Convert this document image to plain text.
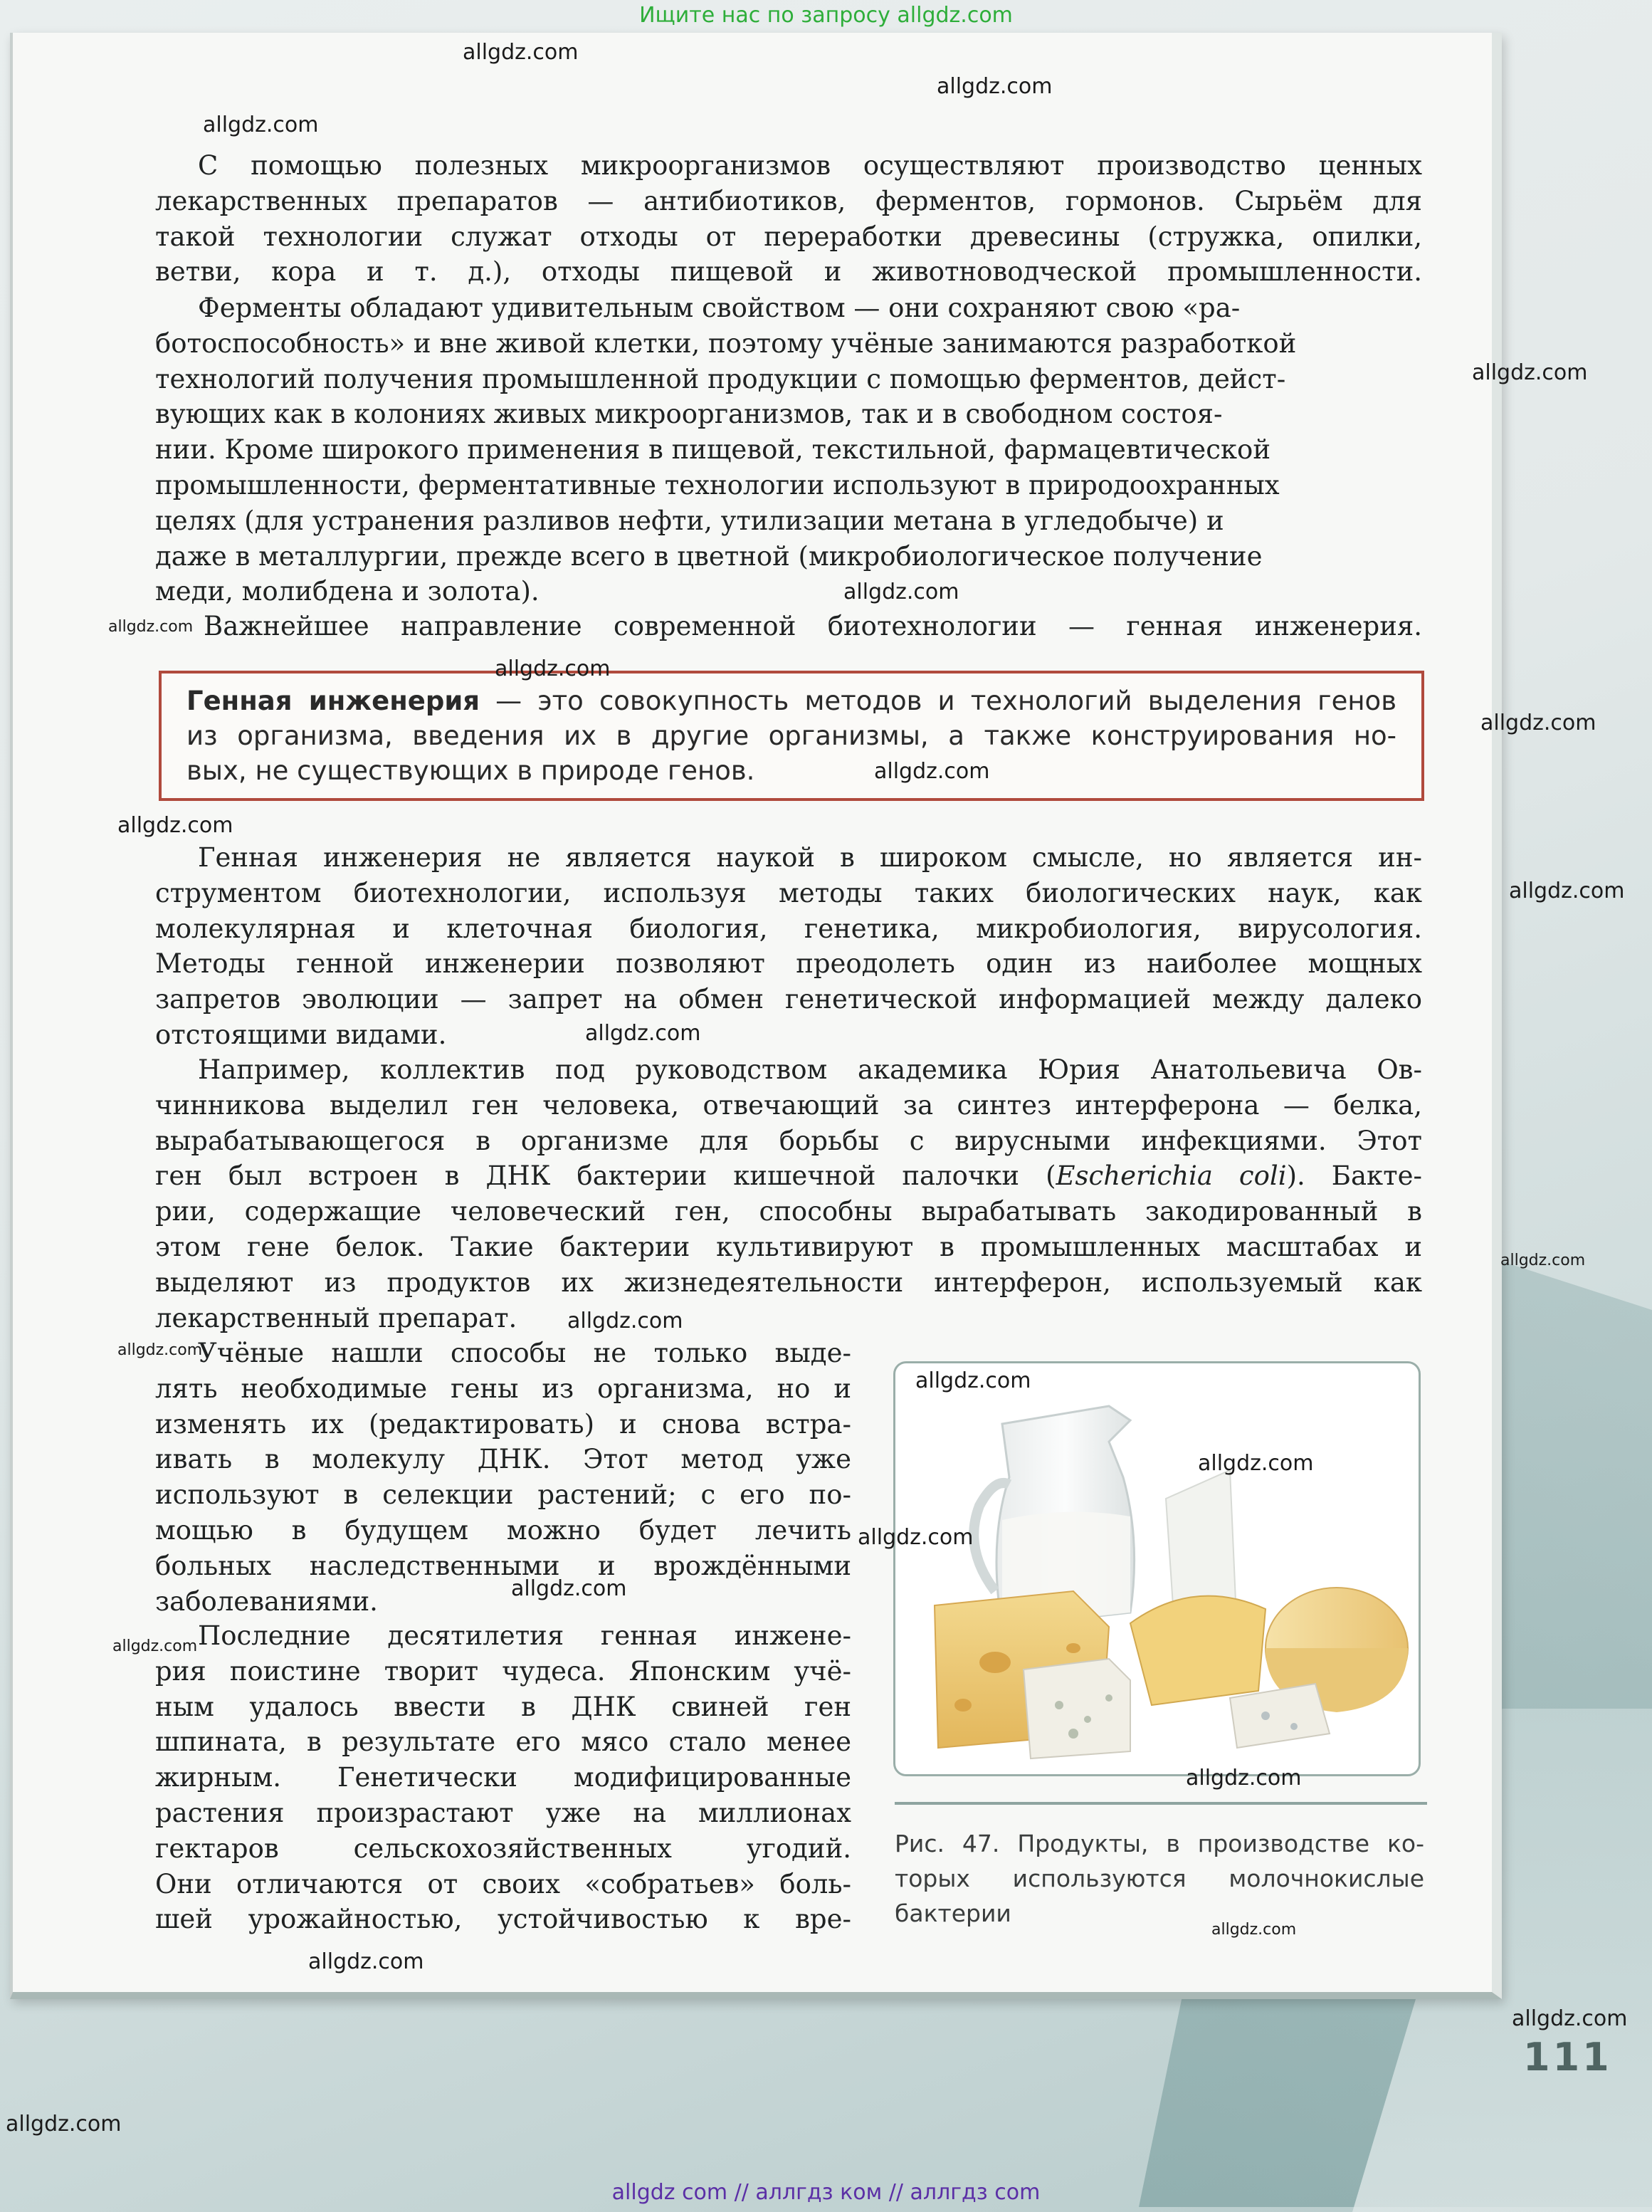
Ищите нас по запросу allgdz.com

С помощью полезных микроорганизмов осуществляют производство ценных

лекарственных препаратов — антибиотиков, ферментов, гормонов. Сырьём для

такой технологии служат отходы от переработки древесины (стружка, опилки,

ветви, кора и т. д.), отходы пищевой и животноводческой промышленности.

Ферменты обладают удивительным свойством — они сохраняют свою «ра-

ботоспособность» и вне живой клетки, поэтому учёные занимаются разработкой

технологий получения промышленной продукции с помощью ферментов, дейст-

вующих как в колониях живых микроорганизмов, так и в свободном состоя-

нии. Кроме широкого применения в пищевой, текстильной, фармацевтической

промышленности, ферментативные технологии используют в природоохранных

целях (для устранения разливов нефти, утилизации метана в угледобыче) и

даже в металлургии, прежде всего в цветной (микробиологическое получение

меди, молибдена и золота).

Важнейшее направление современной биотехнологии — генная инженерия.

Генная инженерия — это совокупность методов и технологий выделения генов

из организма, введения их в другие организмы, а также конструирования но-

вых, не существующих в природе генов.

Генная инженерия не является наукой в широком смысле, но является ин-

струментом биотехнологии, используя методы таких биологических наук, как

молекулярная и клеточная биология, генетика, микробиология, вирусология.

Методы генной инженерии позволяют преодолеть один из наиболее мощных

запретов эволюции — запрет на обмен генетической информацией между далеко

отстоящими видами.

Например, коллектив под руководством академика Юрия Анатольевича Ов-

чинникова выделил ген человека, отвечающий за синтез интерферона — белка,

вырабатывающегося в организме для борьбы с вирусными инфекциями. Этот

ген был встроен в ДНК бактерии кишечной палочки (Escherichia coli). Бакте-

рии, содержащие человеческий ген, способны вырабатывать закодированный в

этом гене белок. Такие бактерии культивируют в промышленных масштабах и

выделяют из продуктов их жизнедеятельности интерферон, используемый как

лекарственный препарат.

Учёные нашли способы не только выде-

лять необходимые гены из организма, но и

изменять их (редактировать) и снова встра-

ивать в молекулу ДНК. Этот метод уже

используют в селекции растений; с его по-

мощью в будущем можно будет лечить

больных наследственными и врождёнными

заболеваниями.

Последние десятилетия генная инжене-

рия поистине творит чудеса. Японским учё-

ным удалось ввести в ДНК свиней ген

шпината, в результате его мясо стало менее

жирным. Генетически модифицированные

растения произрастают уже на миллионах

гектаров сельскохозяйственных угодий.

Они отличаются от своих «собратьев» боль-

шей урожайностью, устойчивостью к вре-

Рис. 47. Продукты, в производстве ко-

торых используются молочнокислые

бактерии

111
allgdz.com
allgdz.com
allgdz.com
allgdz.com
allgdz.com
allgdz.com
allgdz.com
allgdz.com
allgdz.com
allgdz.com
allgdz.com
allgdz.com
allgdz.com
allgdz.com
allgdz.com
allgdz.com
allgdz.com
allgdz.com
allgdz.com
allgdz.com
allgdz.com
allgdz.com
allgdz.com
allgdz.com
allgdz.com
allgdz com // аллгдз ком // аллгдз com
